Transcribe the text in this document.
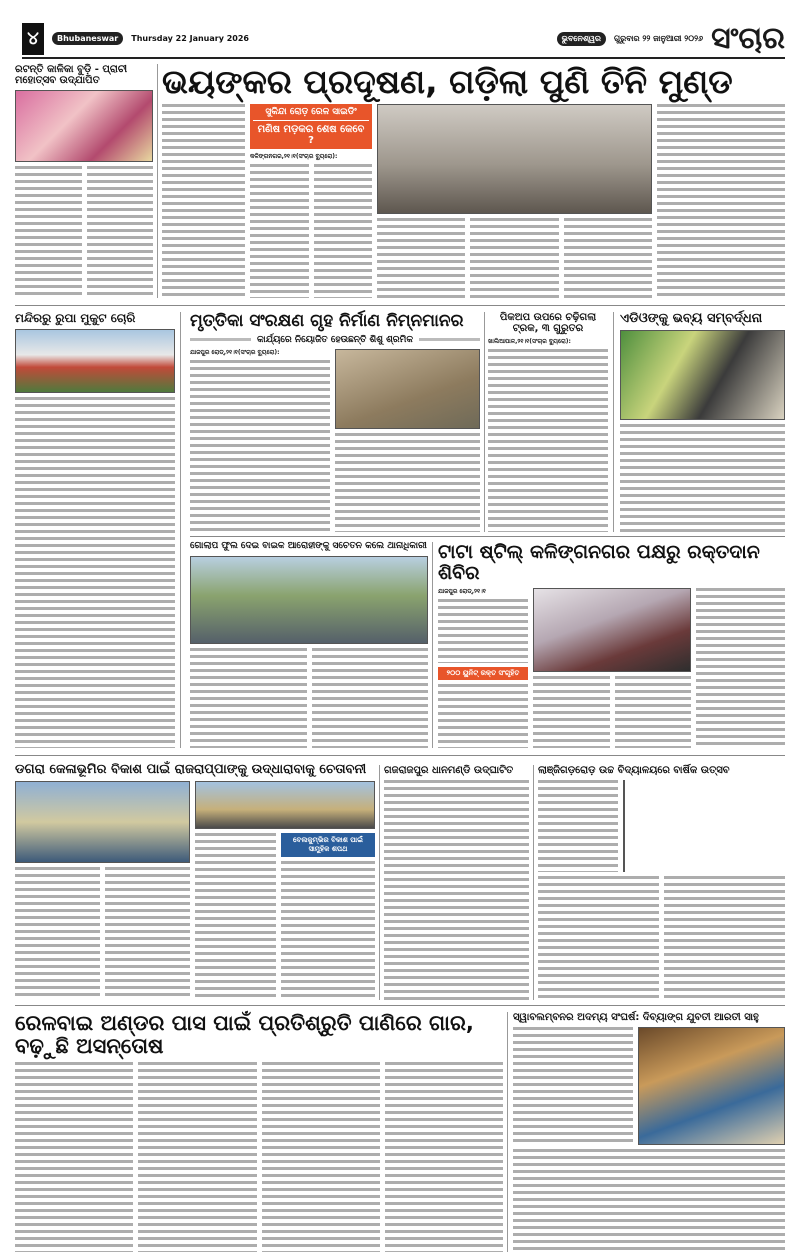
୪	Bhubaneswar	Thursday 22 January 2026	ଭୁବନେଶ୍ୱର	ଗୁରୁବାର ୨୨ ଜାନୁଆରୀ ୨୦୨୬ ସଂଚାର
ରଟନ୍ତି କାଳିକା ବୁଡ଼ି - ପ୍ରାଚୀ ମହୋତ୍ସବ ଉଦ୍‌ଯାପିତ	ଭୟଙ୍କର ପ୍ରଦୂଷଣ, ଗଡ଼ିଲା ପୁଣି ତିନି ମୁଣ୍ଡ
ସୁକିନ୍ଦା ରୋଡ଼ ରେଳ ସାଇଡିଂ
ମଣିଷ ମଡ଼କର ଶେଷ କେବେ ?
କଳିଙ୍ଗନଗର,୨୧।୧(ସଂଚାର ବ୍ୟୁରୋ):
ମନ୍ଦିରରୁ ରୁପା ମୁକୁଟ ଚୋରି	ମୃତ୍ତିକା ସଂରକ୍ଷଣ ଗୃହ ନିର୍ମାଣ ନିମ୍ନମାନର
କାର୍ଯ୍ୟରେ ନିୟୋଜିତ ହେଉଛନ୍ତି ଶିଶୁ ଶ୍ରମିକ
ଯାଜପୁର ରୋଡ୍,୨୧।୧(ସଂଚାର ବ୍ୟୁରୋ):
ପିକଅପ ଉପରେ ଚଢ଼ିଗଲା ଟ୍ରକ, ୩ ଗୁରୁତର
ଖାଲିଆପାଳ,୨୧।୧(ସଂଚାର ବ୍ୟୁରୋ):
ଏଡିଓଙ୍କୁ ଭବ୍ୟ ସମ୍ବର୍ଦ୍ଧନା
ଗୋଲାପ ଫୁଲ ଦେଇ ବାଇକ ଆରୋହୀଙ୍କୁ ସଚେତନ କଲେ ଥାନାଧିକାରୀ ଟାଟା ଷ୍ଟିଲ୍ କଳିଙ୍ଗନଗର ପକ୍ଷରୁ ରକ୍ତଦାନ ଶିବିର
ଯାଜପୁର ରୋଡ୍,୨୧।୧
୨୦୦ ୟୁନିଟ୍ ରକ୍ତ ସଂଗୃହିତ
ଡଗରା କେଳାଭୂମିର ବିକାଶ ପାଇଁ ରାଜରାପ୍ପାଙ୍କୁ ଉଦ୍ଧାରାବାକୁ ଚେତାବନୀ
ବେଲକୁମ୍ଭିର ବିକାଶ ପାଇଁ ସାମୁହିକ ଶପଥ
ଗଜରାଜପୁର ଧାନମଣ୍ଡି ଉଦ୍‌ଘାଟିତ	ଲାଞ୍ଜିଗଡ଼ରୋଡ଼ ଉଚ୍ଚ ବିଦ୍ୟାଳୟରେ ବାର୍ଷିକ ଉତ୍ସବ
ରେଳବାଇ ଅଣ୍ଡର ପାସ ପାଇଁ ପ୍ରତିଶ୍ରୁତି ପାଣିରେ ଗାର, ବଢ଼ୁଛି ଅସନ୍ତୋଷ
ସ୍ୱାବଲମ୍ବନର ଅଦମ୍ୟ ସଂଘର୍ଷ: ଦିବ୍ୟାଙ୍ଗ ଯୁବତୀ ଆରତୀ ସାହୁ
